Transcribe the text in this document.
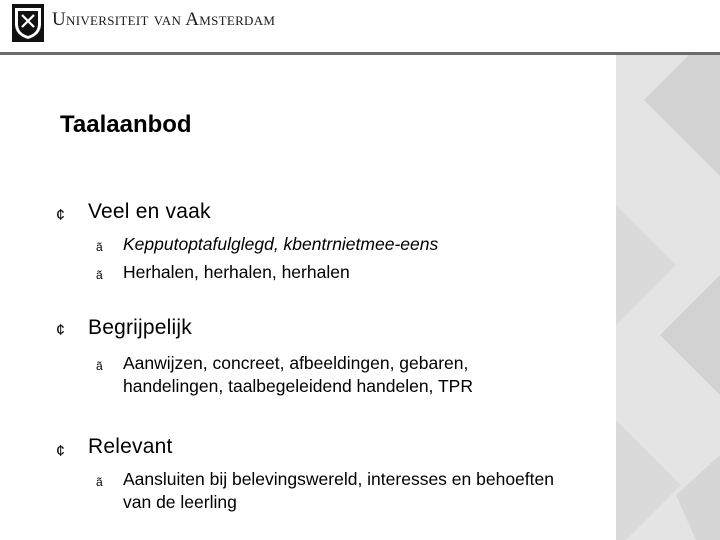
Universiteit van Amsterdam
Taalaanbod
¢ Veel en vaak
ã Kepputoptafulglegd, kbentrnietmee-eens
ã Herhalen, herhalen, herhalen
¢ Begrijpelijk
ã Aanwijzen, concreet, afbeeldingen, gebaren,
handelingen, taalbegeleidend handelen, TPR
¢ Relevant
ã Aansluiten bij belevingswereld, interesses en behoeften
van de leerling
